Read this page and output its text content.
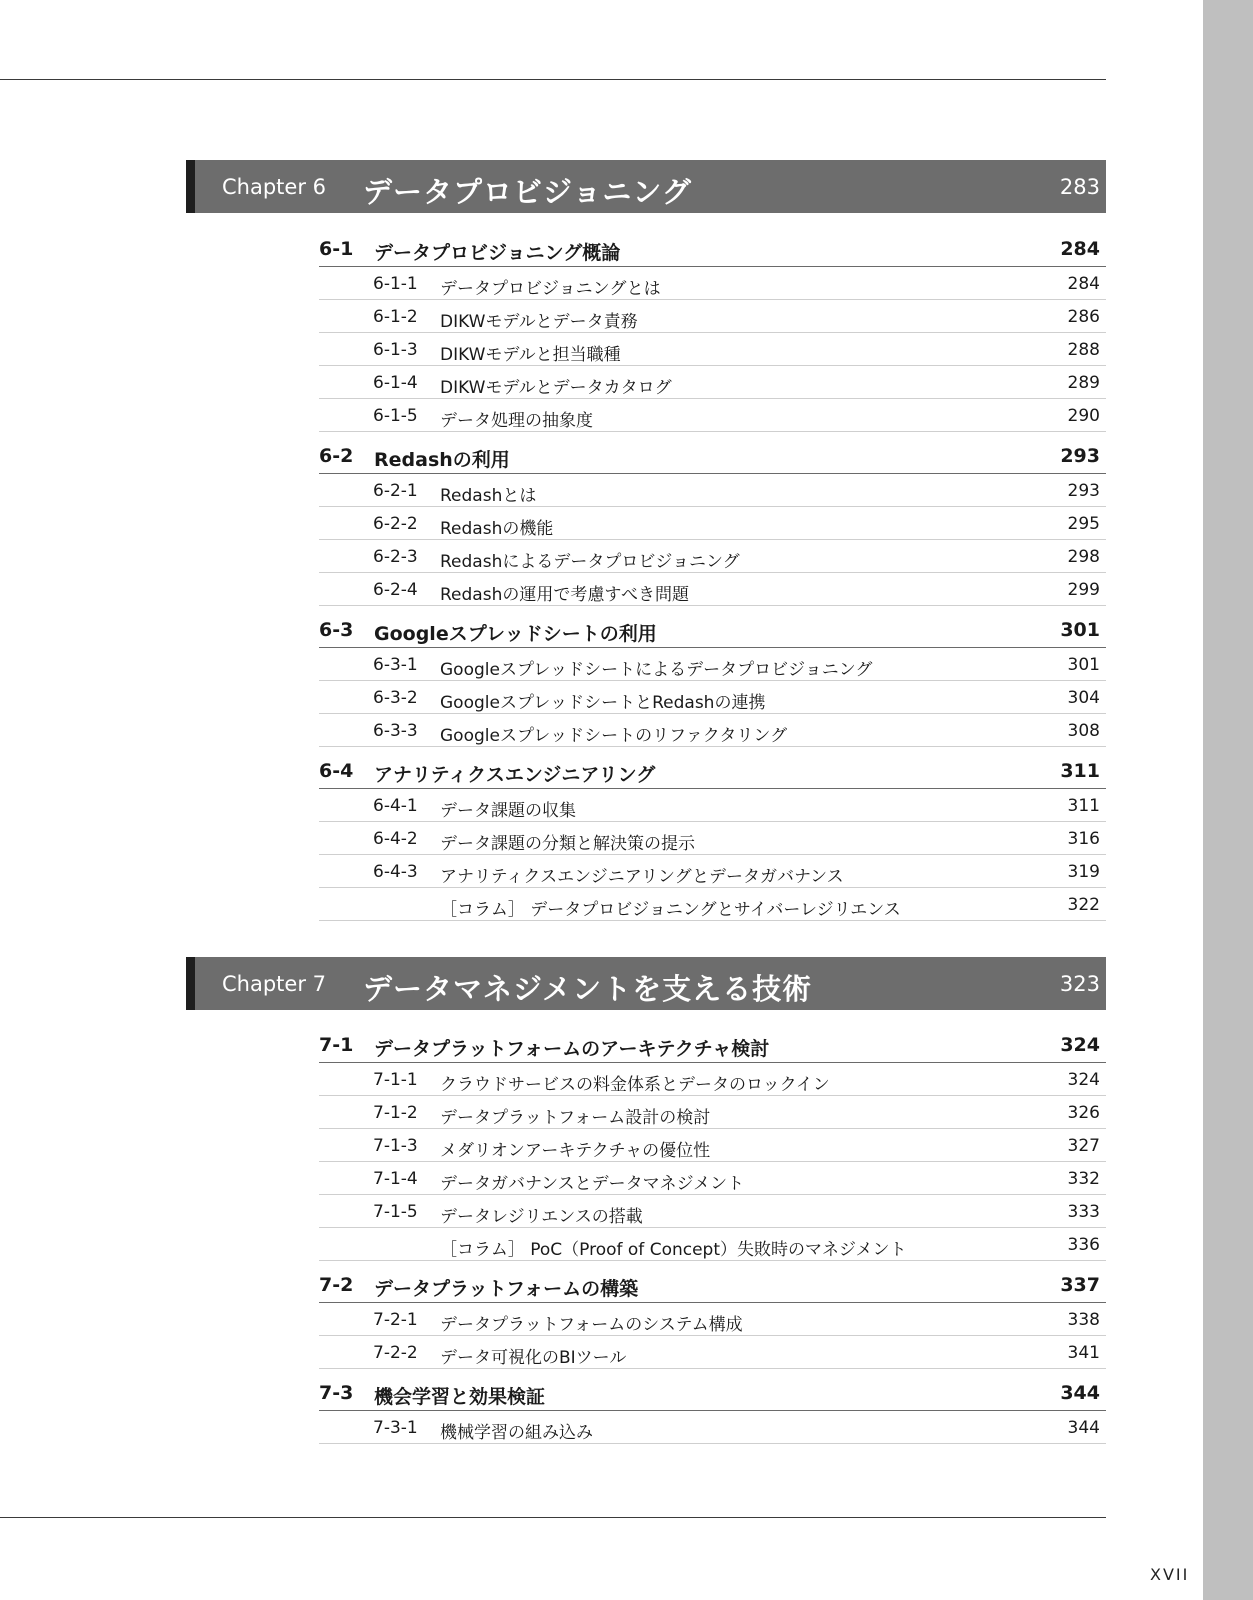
XVII
Chapter 6 データプロビジョニング	283
6-1 データプロビジョニング概論	284
6-1-1 データプロビジョニングとは	284
6-1-2 DIKWモデルとデータ責務	286
6-1-3 DIKWモデルと担当職種	288
6-1-4 DIKWモデルとデータカタログ	289
6-1-5 データ処理の抽象度	290
6-2 Redashの利用	293
6-2-1 Redashとは	293
6-2-2 Redashの機能	295
6-2-3 Redashによるデータプロビジョニング	298
6-2-4 Redashの運用で考慮すべき問題	299
6-3 Googleスプレッドシートの利用	301
6-3-1 Googleスプレッドシートによるデータプロビジョニング	301
6-3-2 GoogleスプレッドシートとRedashの連携	304
6-3-3 Googleスプレッドシートのリファクタリング	308
6-4 アナリティクスエンジニアリング	311
6-4-1 データ課題の収集	311
6-4-2 データ課題の分類と解決策の提示	316
6-4-3 アナリティクスエンジニアリングとデータガバナンス	319
［コラム］ データプロビジョニングとサイバーレジリエンス	322
Chapter 7 データマネジメントを支える技術	323
7-1 データプラットフォームのアーキテクチャ検討	324
7-1-1 クラウドサービスの料金体系とデータのロックイン	324
7-1-2 データプラットフォーム設計の検討	326
7-1-3 メダリオンアーキテクチャの優位性	327
7-1-4 データガバナンスとデータマネジメント	332
7-1-5 データレジリエンスの搭載	333
［コラム］ PoC（Proof of Concept）失敗時のマネジメント	336
7-2 データプラットフォームの構築	337
7-2-1 データプラットフォームのシステム構成	338
7-2-2 データ可視化のBIツール	341
7-3 機会学習と効果検証	344
7-3-1 機械学習の組み込み	344
